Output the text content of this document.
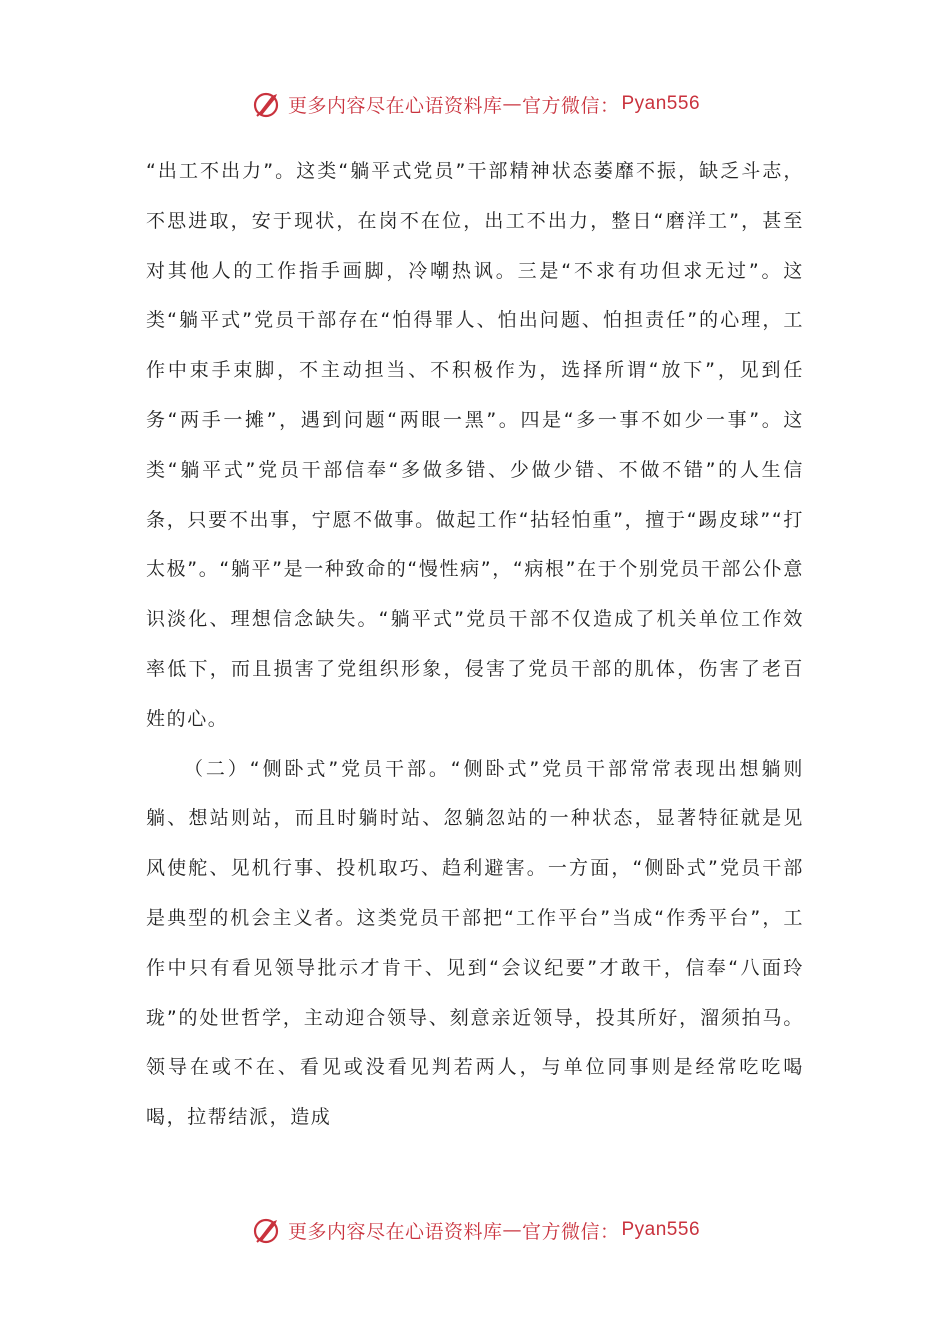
更多内容尽在心语资料库 — 官方微信： Pyan556

“出工不出力”。这类“躺平式党员”干部精神状态萎靡不振，缺乏斗志，不思进取，安于现状，在岗不在位，出工不出力，整日“磨洋工”，甚至对其他人的工作指手画脚，冷嘲热讽。三是“不求有功但求无过”。这类“躺平式”党员干部存在“怕得罪人、怕出问题、怕担责任”的心理，工作中束手束脚，不主动担当、不积极作为，选择所谓“放下”，见到任务“两手一摊”，遇到问题“两眼一黑”。四是“多一事不如少一事”。这类“躺平式”党员干部信奉“多做多错、少做少错、不做不错”的人生信条，只要不出事，宁愿不做事。做起工作“拈轻怕重”，擅于“踢皮球”“打太极”。“躺平”是一种致命的“慢性病”，“病根”在于个别党员干部公仆意识淡化、理想信念缺失。“躺平式”党员干部不仅造成了机关单位工作效率低下，而且损害了党组织形象，侵害了党员干部的肌体，伤害了老百姓的心。

（二）“侧卧式”党员干部。“侧卧式”党员干部常常表现出想躺则躺、想站则站，而且时躺时站、忽躺忽站的一种状态，显著特征就是见风使舵、见机行事、投机取巧、趋利避害。一方面，“侧卧式”党员干部是典型的机会主义者。这类党员干部把“工作平台”当成“作秀平台”，工作中只有看见领导批示才肯干、见到“会议纪要”才敢干，信奉“八面玲珑”的处世哲学，主动迎合领导、刻意亲近领导，投其所好，溜须拍马。领导在或不在、看见或没看见判若两人，与单位同事则是经常吃吃喝喝，拉帮结派，造成

更多内容尽在心语资料库 — 官方微信： Pyan556
